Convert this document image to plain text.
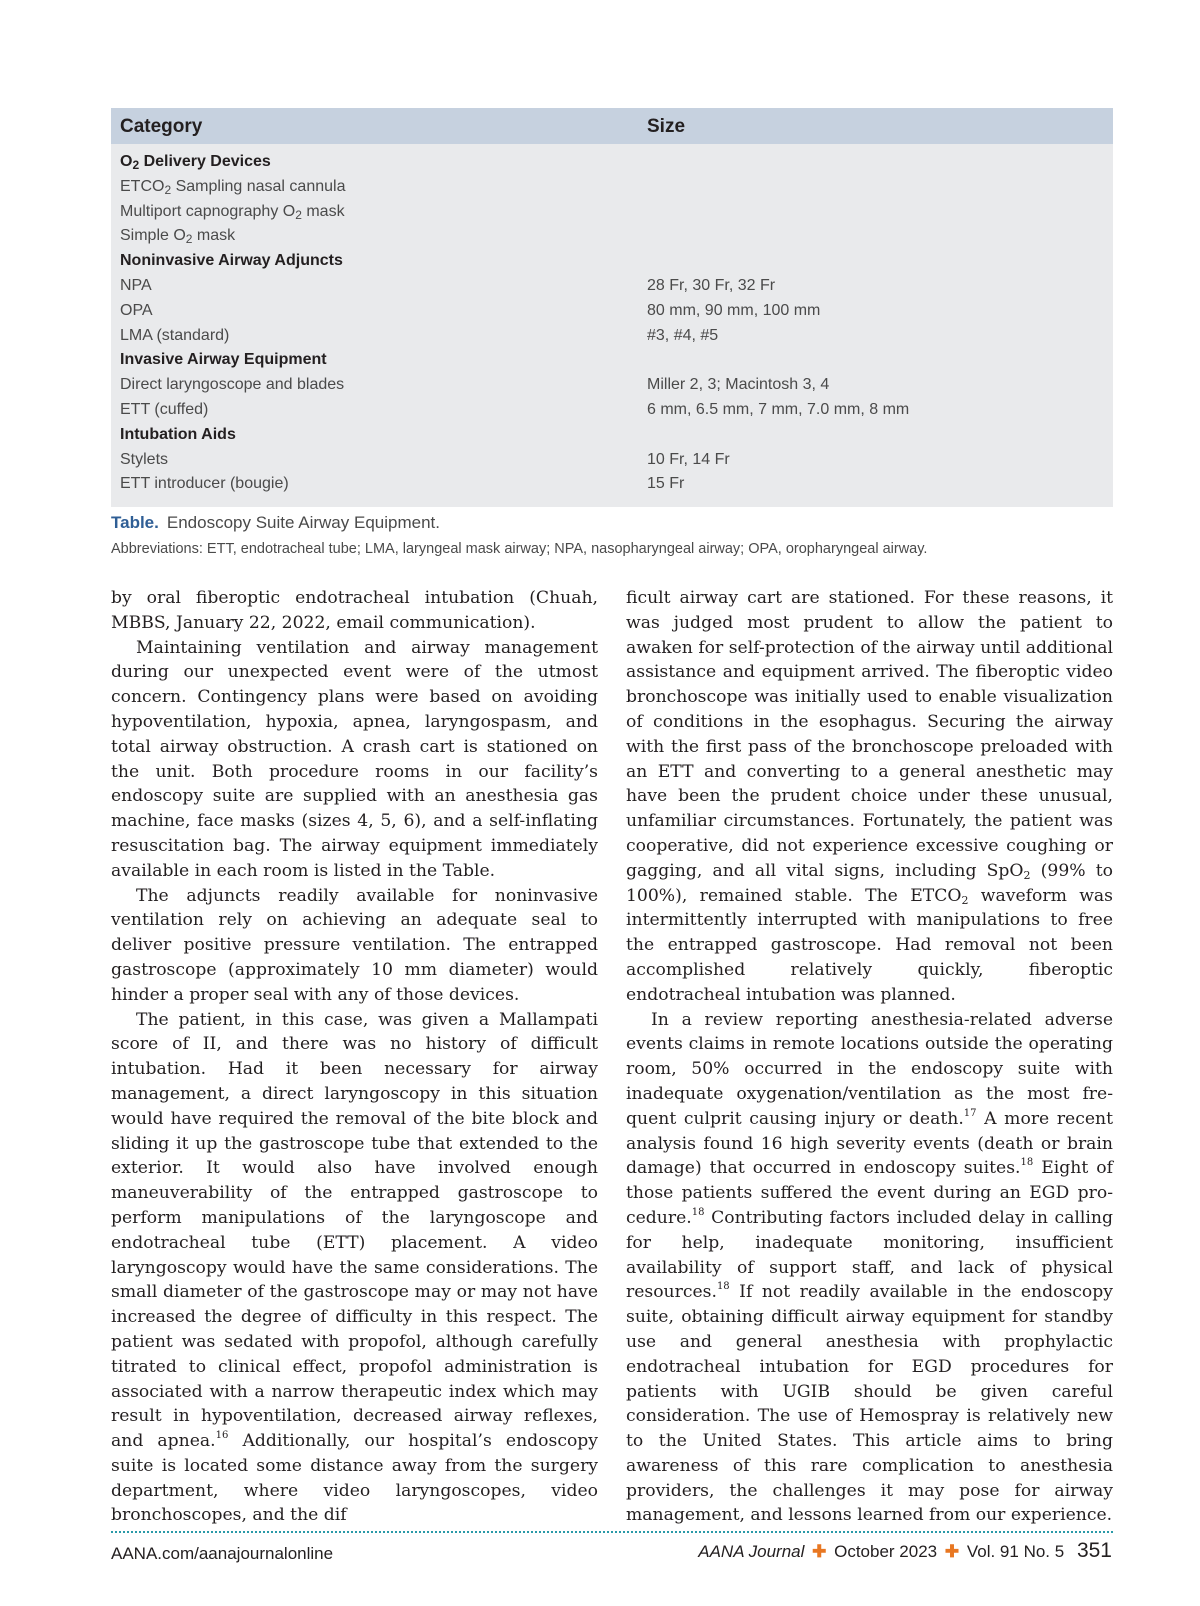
Category	Size
$O_2$ Delivery Devices
$ETCO_2$ Sampling nasal cannula
Multiport capnography $O_2$ mask
Simple $O_2$ mask
Noninvasive Airway Adjuncts
NPA	28 Fr, 30 Fr, 32 Fr
OPA	80 mm, 90 mm, 100 mm
LMA (standard)	#3, #4, #5
Invasive Airway Equipment
Direct laryngoscope and blades	Miller 2, 3; Macintosh 3, 4
ETT (cuffed)	6 mm, 6.5 mm, 7 mm, 7.0 mm, 8 mm
Intubation Aids
Stylets	10 Fr, 14 Fr
ETT introducer (bougie)	15 Fr
Table. Endoscopy Suite Airway Equipment.
Abbreviations: ETT, endotracheal tube; LMA, laryngeal mask airway; NPA, nasopharyngeal airway; OPA, oropharyngeal airway.

by oral fiberoptic endotracheal intubation (Chuah, MBBS, January 22, 2022, email communication).

Maintaining ventilation and airway management during our unexpected event were of the utmost concern. Contingency plans were based on avoiding hypoventilation, hypoxia, apnea, laryngospasm, and total airway obstruction. A crash cart is stationed on the unit. Both procedure rooms in our facility’s endoscopy suite are supplied with an anesthesia gas machine, face masks (sizes 4, 5, 6), and a self-inflating resuscitation bag. The airway equipment immediately available in each room is listed in the Table.

The adjuncts readily available for noninvasive ventilation rely on achieving an adequate seal to deliver positive pressure ventilation. The entrapped gastroscope (approximately 10 mm diameter) would hinder a proper seal with any of those devices.

The patient, in this case, was given a Mallampati score of II, and there was no history of difficult intubation. Had it been necessary for airway management, a direct laryngoscopy in this situation would have required the removal of the bite block and sliding it up the gastroscope tube that extended to the exterior. It would also have involved enough maneuverability of the entrapped gastroscope to perform manipulations of the laryngoscope and endotracheal tube (ETT) placement. A video laryngoscopy would have the same considerations. The small diameter of the gastroscope may or may not have increased the degree of difficulty in this respect. The patient was sedated with propofol, although carefully titrated to clinical effect, propofol administration is associated with a narrow therapeutic index which may result in hypoventilation, decreased airway reflexes, and apnea.$^{16}$ Additionally, our hospital’s endoscopy suite is located some distance away from the surgery department, where video laryngoscopes, video bronchoscopes, and the dif

ficult airway cart are stationed. For these reasons, it was judged most prudent to allow the patient to awaken for self-protection of the airway until additional assistance and equipment arrived. The fiberoptic video bronchoscope was initially used to enable visualization of conditions in the esophagus. Securing the airway with the first pass of the bronchoscope preloaded with an ETT and converting to a general anesthetic may have been the prudent choice under these unusual, unfamiliar circumstances. Fortunately, the patient was cooperative, did not experience excessive coughing or gagging, and all vital signs, including SpO$_2$ (99% to 100%), remained stable. The $ETCO_2$ waveform was intermittently interrupted with manipulations to free the entrapped gastroscope. Had removal not been accomplished relatively quickly, fiberoptic endotracheal intubation was planned.

In a review reporting anesthesia-related adverse events claims in remote locations outside the operating room, 50% occurred in the endoscopy suite with inadequate oxygenation/ventilation as the most frequent culprit causing injury or death.$^{17}$ A more recent analysis found 16 high severity events (death or brain damage) that occurred in endoscopy suites.$^{18}$ Eight of those patients suffered the event during an EGD procedure.$^{18}$ Contributing factors included delay in calling for help, inadequate monitoring, insufficient availability of support staff, and lack of physical resources.$^{18}$ If not readily available in the endoscopy suite, obtaining difficult airway equipment for standby use and general anesthesia with prophylactic endotracheal intubation for EGD procedures for patients with UGIB should be given careful consideration. The use of Hemospray is relatively new to the United States. This article aims to bring awareness of this rare complication to anesthesia providers, the challenges it may pose for airway management, and lessons learned from our experience.

AANA.com/aanajournalonline	AANA Journal ✚ October 2023 ✚ Vol. 91 No. 5 351
